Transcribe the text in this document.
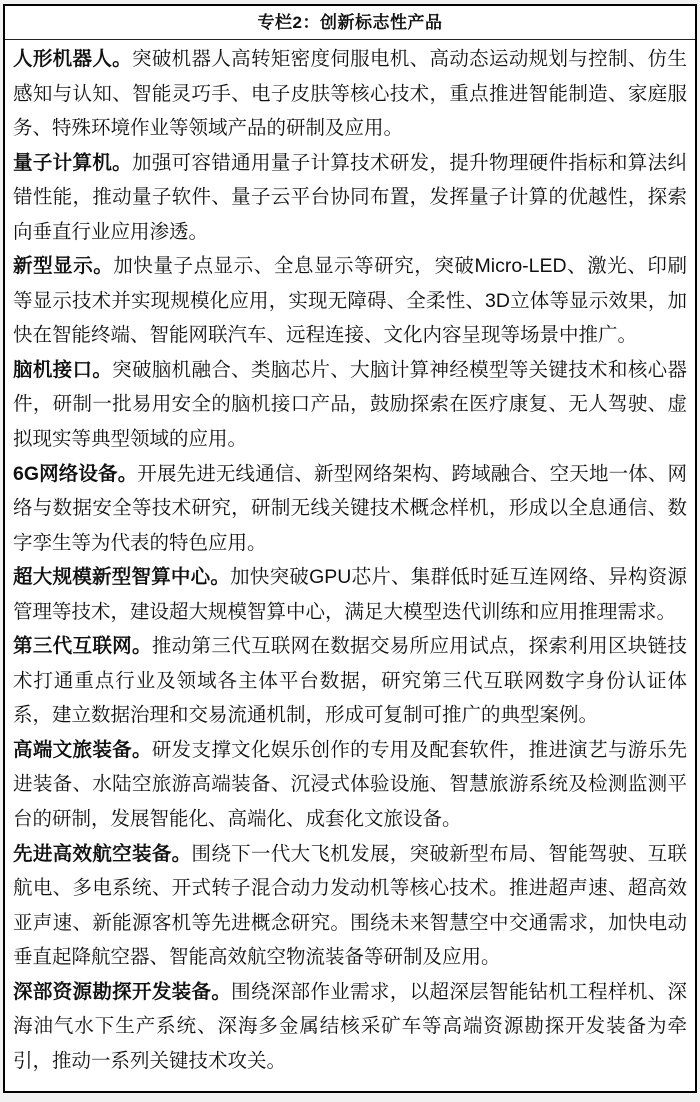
专栏2：创新标志性产品

人形机器人。突破机器人高转矩密度伺服电机、高动态运动规划与控制、仿生感知与认知、智能灵巧手、电子皮肤等核心技术，重点推进智能制造、家庭服务、特殊环境作业等领域产品的研制及应用。

量子计算机。加强可容错通用量子计算技术研发，提升物理硬件指标和算法纠错性能，推动量子软件、量子云平台协同布置，发挥量子计算的优越性，探索向垂直行业应用渗透。

新型显示。加快量子点显示、全息显示等研究，突破Micro-LED、激光、印刷等显示技术并实现规模化应用，实现无障碍、全柔性、3D立体等显示效果，加快在智能终端、智能网联汽车、远程连接、文化内容呈现等场景中推广。

脑机接口。突破脑机融合、类脑芯片、大脑计算神经模型等关键技术和核心器件，研制一批易用安全的脑机接口产品，鼓励探索在医疗康复、无人驾驶、虚拟现实等典型领域的应用。

6G网络设备。开展先进无线通信、新型网络架构、跨域融合、空天地一体、网络与数据安全等技术研究，研制无线关键技术概念样机，形成以全息通信、数字孪生等为代表的特色应用。

超大规模新型智算中心。加快突破GPU芯片、集群低时延互连网络、异构资源管理等技术，建设超大规模智算中心，满足大模型迭代训练和应用推理需求。

第三代互联网。推动第三代互联网在数据交易所应用试点，探索利用区块链技术打通重点行业及领域各主体平台数据，研究第三代互联网数字身份认证体系，建立数据治理和交易流通机制，形成可复制可推广的典型案例。

高端文旅装备。研发支撑文化娱乐创作的专用及配套软件，推进演艺与游乐先进装备、水陆空旅游高端装备、沉浸式体验设施、智慧旅游系统及检测监测平台的研制，发展智能化、高端化、成套化文旅设备。

先进高效航空装备。围绕下一代大飞机发展，突破新型布局、智能驾驶、互联航电、多电系统、开式转子混合动力发动机等核心技术。推进超声速、超高效亚声速、新能源客机等先进概念研究。围绕未来智慧空中交通需求，加快电动垂直起降航空器、智能高效航空物流装备等研制及应用。

深部资源勘探开发装备。围绕深部作业需求，以超深层智能钻机工程样机、深海油气水下生产系统、深海多金属结核采矿车等高端资源勘探开发装备为牵引，推动一系列关键技术攻关。
